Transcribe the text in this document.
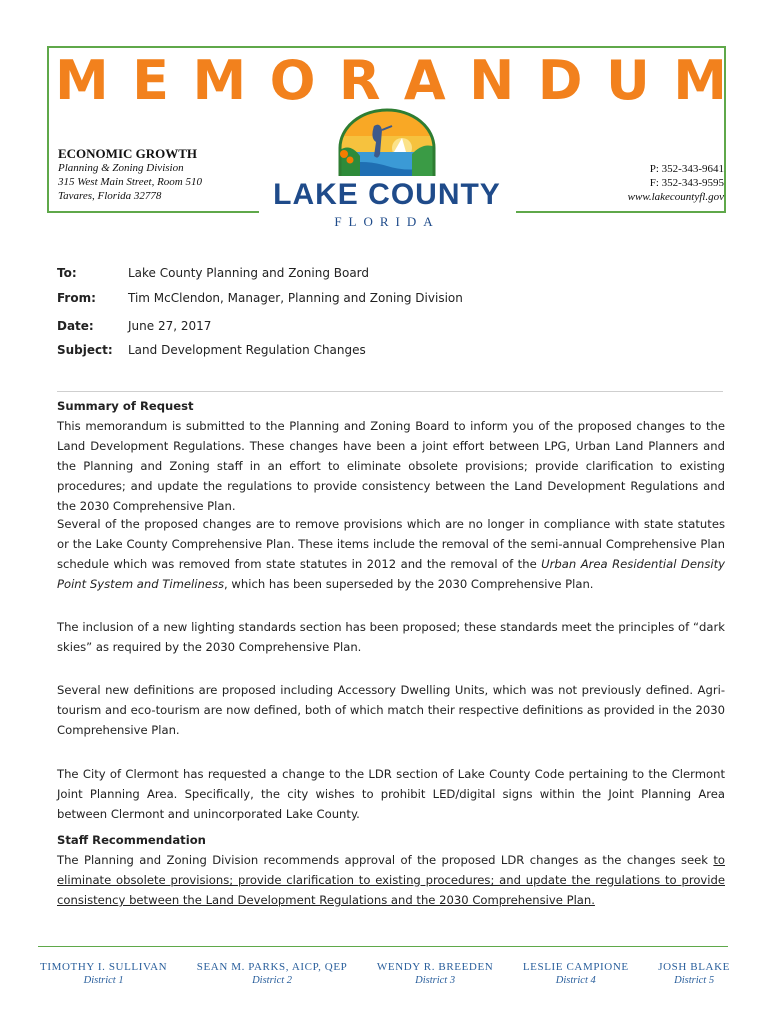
M E M O R A N D U M
ECONOMIC GROWTH
Planning & Zoning Division
315 West Main Street, Room 510
Tavares, Florida 32778
P: 352-343-9641
F: 352-343-9595
www.lakecountyfl.gov
LAKE COUNTY
FLORIDA
To:	Lake County Planning and Zoning Board
From:	Tim McClendon, Manager, Planning and Zoning Division
Date:	June 27, 2017
Subject: Land Development Regulation Changes

Summary of Request

This memorandum is submitted to the Planning and Zoning Board to inform you of the proposed changes to the Land Development Regulations. These changes have been a joint effort between LPG, Urban Land Planners and the Planning and Zoning staff in an effort to eliminate obsolete provisions; provide clarification to existing procedures; and update the regulations to provide consistency between the Land Development Regulations and the 2030 Comprehensive Plan.

Several of the proposed changes are to remove provisions which are no longer in compliance with state statutes or the Lake County Comprehensive Plan. These items include the removal of the semi-annual Comprehensive Plan schedule which was removed from state statutes in 2012 and the removal of the Urban Area Residential Density Point System and Timeliness, which has been superseded by the 2030 Comprehensive Plan.

The inclusion of a new lighting standards section has been proposed; these standards meet the principles of “dark skies” as required by the 2030 Comprehensive Plan.

Several new definitions are proposed including Accessory Dwelling Units, which was not previously defined. Agri-tourism and eco-tourism are now defined, both of which match their respective definitions as provided in the 2030 Comprehensive Plan.

The City of Clermont has requested a change to the LDR section of Lake County Code pertaining to the Clermont Joint Planning Area. Specifically, the city wishes to prohibit LED/digital signs within the Joint Planning Area between Clermont and unincorporated Lake County.

Staff Recommendation

The Planning and Zoning Division recommends approval of the proposed LDR changes as the changes seek to eliminate obsolete provisions; provide clarification to existing procedures; and update the regulations to provide consistency between the Land Development Regulations and the 2030 Comprehensive Plan.

TIMOTHY I. SULLIVAN
District 1
SEAN M. PARKS, AICP, QEP
District 2
WENDY R. BREEDEN
District 3
LESLIE CAMPIONE
District 4
JOSH BLAKE
District 5
